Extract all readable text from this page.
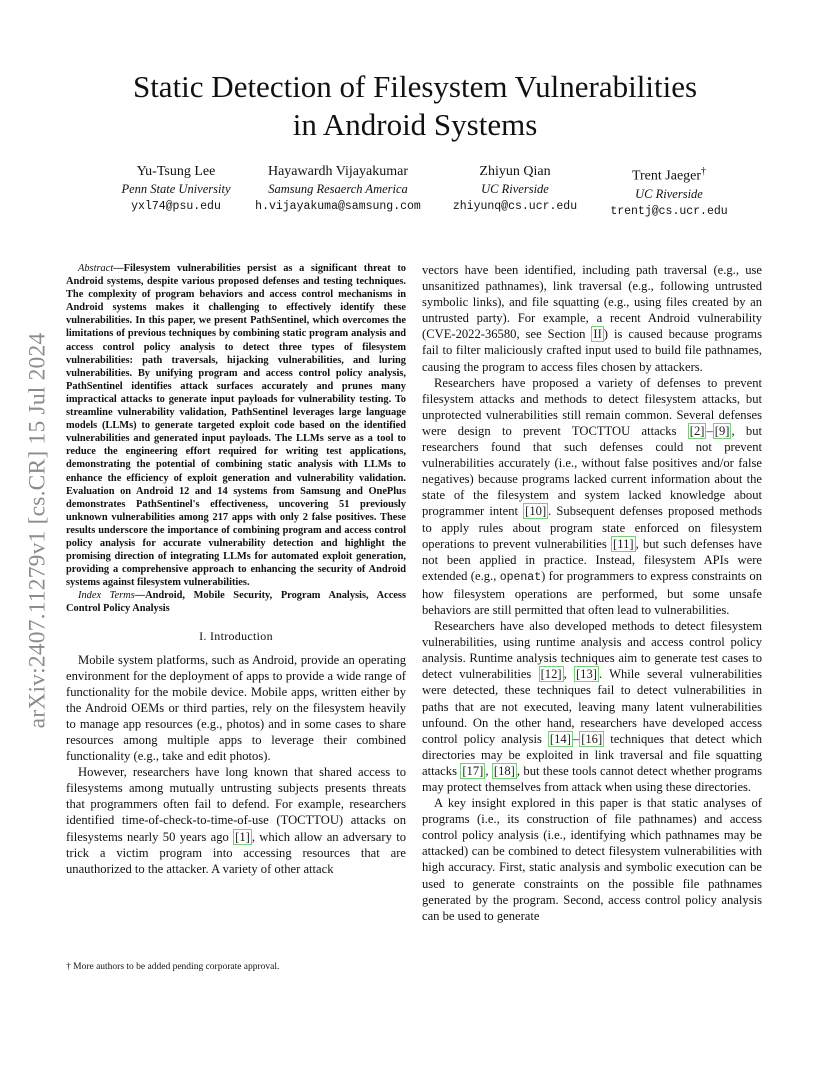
arXiv:2407.11279v1 [cs.CR] 15 Jul 2024
Static Detection of Filesystem Vulnerabilities
in Android Systems
Yu-Tsung Lee
Penn State University
yxl74@psu.edu
Hayawardh Vijayakumar
Samsung Resaerch America
h.vijayakuma@samsung.com
Zhiyun Qian
UC Riverside
zhiyunq@cs.ucr.edu
Trent Jaeger†
UC Riverside
trentj@cs.ucr.edu

Abstract—Filesystem vulnerabilities persist as a significant threat to Android systems, despite various proposed defenses and testing techniques. The complexity of program behaviors and access control mechanisms in Android systems makes it challenging to effectively identify these vulnerabilities. In this paper, we present PathSentinel, which overcomes the limitations of previous techniques by combining static program analysis and access control policy analysis to detect three types of filesystem vulnerabilities: path traversals, hijacking vulnerabilities, and luring vulnerabilities. By unifying program and access control policy analysis, PathSentinel identifies attack surfaces accurately and prunes many impractical attacks to generate input payloads for vulnerability testing. To streamline vulnerability validation, PathSentinel leverages large language models (LLMs) to generate targeted exploit code based on the identified vulnerabilities and generated input payloads. The LLMs serve as a tool to reduce the engineering effort required for writing test applications, demonstrating the potential of combining static analysis with LLMs to enhance the efficiency of exploit generation and vulnerability validation. Evaluation on Android 12 and 14 systems from Samsung and OnePlus demonstrates PathSentinel's effectiveness, uncovering 51 previously unknown vulnerabilities among 217 apps with only 2 false positives. These results underscore the importance of combining program and access control policy analysis for accurate vulnerability detection and highlight the promising direction of integrating LLMs for automated exploit generation, providing a comprehensive approach to enhancing the security of Android systems against filesystem vulnerabilities.

Index Terms—Android, Mobile Security, Program Analysis, Access Control Policy Analysis

I. Introduction

Mobile system platforms, such as Android, provide an operating environment for the deployment of apps to provide a wide range of functionality for the mobile device. Mobile apps, written either by the Android OEMs or third parties, rely on the filesystem heavily to manage app resources (e.g., photos) and in some cases to share resources among multiple apps to leverage their combined functionality (e.g., take and edit photos).

However, researchers have long known that shared access to filesystems among mutually untrusting subjects presents threats that programmers often fail to defend. For example, researchers identified time-of-check-to-time-of-use (TOCTTOU) attacks on filesystems nearly 50 years ago [1] , which allow an adversary to trick a victim program into accessing resources that are unauthorized to the attacker. A variety of other attack

vectors have been identified, including path traversal (e.g., use unsanitized pathnames), link traversal (e.g., following untrusted symbolic links), and file squatting (e.g., using files created by an untrusted party). For example, a recent Android vulnerability (CVE-2022-36580, see Section II ) is caused because programs fail to filter maliciously crafted input used to build file pathnames, causing the program to access files chosen by attackers.

Researchers have proposed a variety of defenses to prevent filesystem attacks and methods to detect filesystem attacks, but unprotected vulnerabilities still remain common. Several defenses were design to prevent TOCTTOU attacks [2] – [9] , but researchers found that such defenses could not prevent vulnerabilities accurately (i.e., without false positives and/or false negatives) because programs lacked current information about the state of the filesystem and system lacked knowledge about programmer intent [10] . Subsequent defenses proposed methods to apply rules about program state enforced on filesystem operations to prevent vulnerabilities [11] , but such defenses have not been applied in practice. Instead, filesystem APIs were extended (e.g., openat) for programmers to express constraints on how filesystem operations are performed, but some unsafe behaviors are still permitted that often lead to vulnerabilities.

Researchers have also developed methods to detect filesystem vulnerabilities, using runtime analysis and access control policy analysis. Runtime analysis techniques aim to generate test cases to detect vulnerabilities [12] , [13] . While several vulnerabilities were detected, these techniques fail to detect vulnerabilities in paths that are not executed, leaving many latent vulnerabilities unfound. On the other hand, researchers have developed access control policy analysis [14] – [16] techniques that detect which directories may be exploited in link traversal and file squatting attacks [17] , [18] , but these tools cannot detect whether programs may protect themselves from attack when using these directories.

A key insight explored in this paper is that static analyses of programs (i.e., its construction of file pathnames) and access control policy analysis (i.e., identifying which pathnames may be attacked) can be combined to detect filesystem vulnerabilities with high accuracy. First, static analysis and symbolic execution can be used to generate constraints on the possible file pathnames generated by the program. Second, access control policy analysis can be used to generate

† More authors to be added pending corporate approval.
